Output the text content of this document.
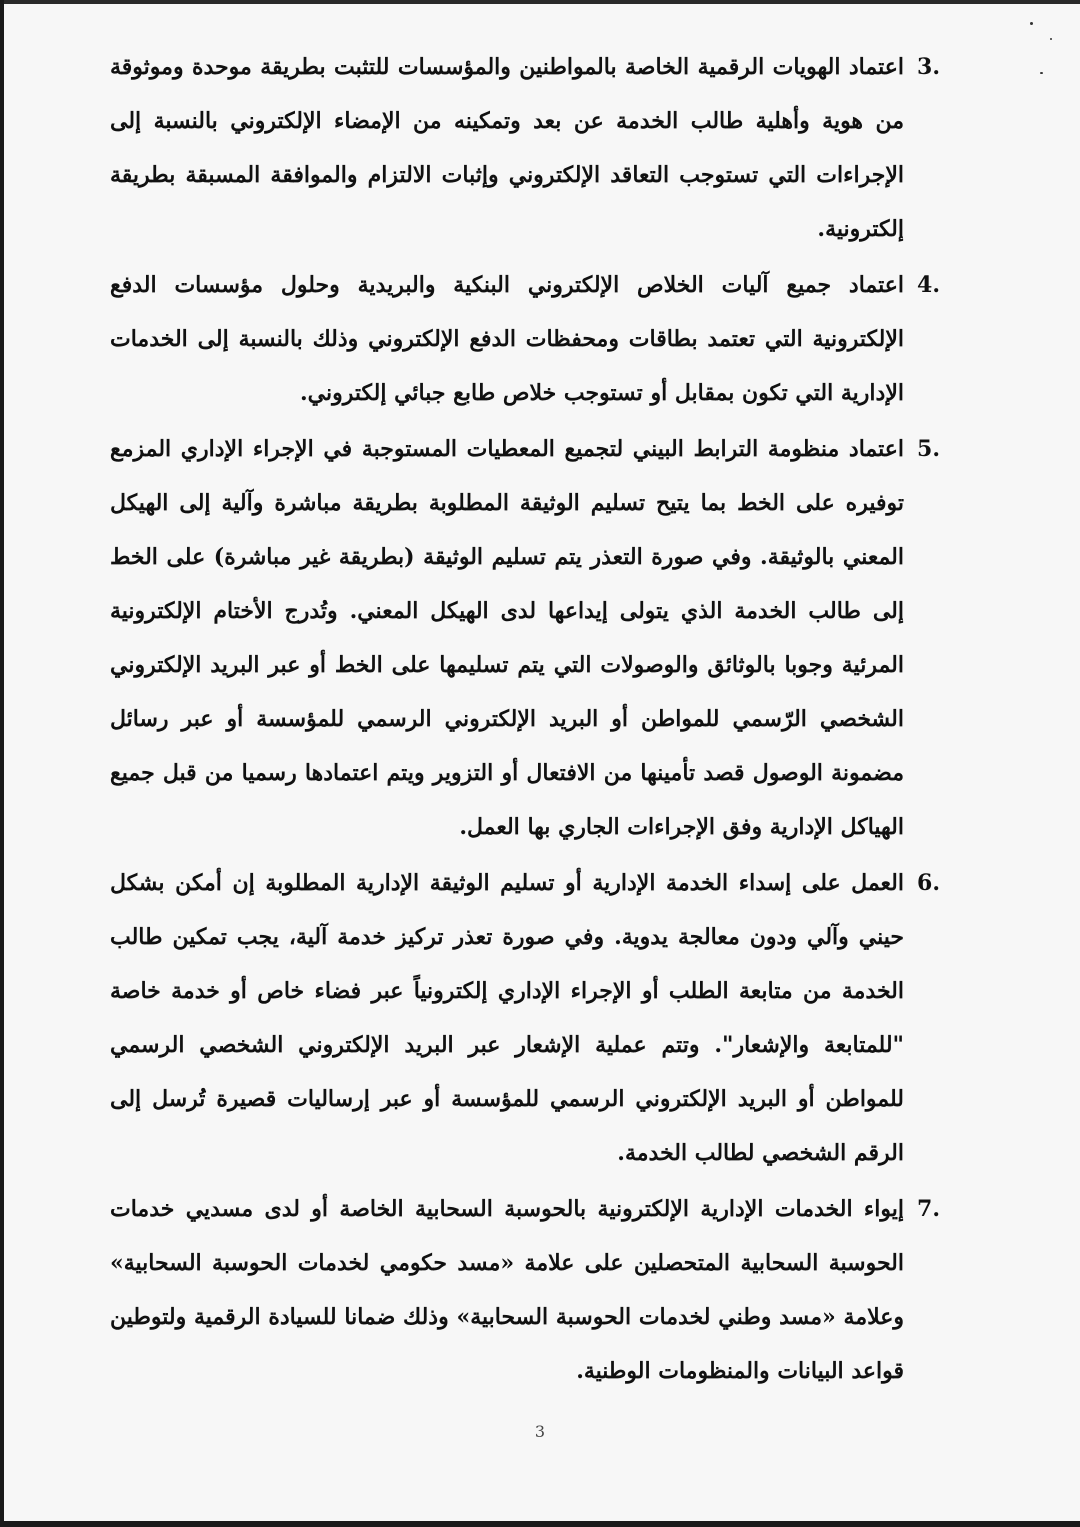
3.
اعتماد الهويات الرقمية الخاصة بالمواطنين والمؤسسات للتثبت بطريقة موحدة وموثوقة من هوية وأهلية طالب الخدمة عن بعد وتمكينه من الإمضاء الإلكتروني بالنسبة إلى الإجراءات التي تستوجب التعاقد الإلكتروني وإثبات الالتزام والموافقة المسبقة بطريقة إلكترونية.
4.
اعتماد جميع آليات الخلاص الإلكتروني البنكية والبريدية وحلول مؤسسات الدفع الإلكترونية التي تعتمد بطاقات ومحفظات الدفع الإلكتروني وذلك بالنسبة إلى الخدمات الإدارية التي تكون بمقابل أو تستوجب خلاص طابع جبائي إلكتروني.
5.
اعتماد منظومة الترابط البيني لتجميع المعطيات المستوجبة في الإجراء الإداري المزمع توفيره على الخط بما يتيح تسليم الوثيقة المطلوبة بطريقة مباشرة وآلية إلى الهيكل المعني بالوثيقة. وفي صورة التعذر يتم تسليم الوثيقة (بطريقة غير مباشرة) على الخط إلى طالب الخدمة الذي يتولى إيداعها لدى الهيكل المعني. وتُدرج الأختام الإلكترونية المرئية وجوبا بالوثائق والوصولات التي يتم تسليمها على الخط أو عبر البريد الإلكتروني الشخصي الرّسمي للمواطن أو البريد الإلكتروني الرسمي للمؤسسة أو عبر رسائل مضمونة الوصول قصد تأمينها من الافتعال أو التزوير ويتم اعتمادها رسميا من قبل جميع الهياكل الإدارية وفق الإجراءات الجاري بها العمل.
6.
العمل على إسداء الخدمة الإدارية أو تسليم الوثيقة الإدارية المطلوبة إن أمكن بشكل حيني وآلي ودون معالجة يدوية. وفي صورة تعذر تركيز خدمة آلية، يجب تمكين طالب الخدمة من متابعة الطلب أو الإجراء الإداري إلكترونياً عبر فضاء خاص أو خدمة خاصة "للمتابعة والإشعار". وتتم عملية الإشعار عبر البريد الإلكتروني الشخصي الرسمي للمواطن أو البريد الإلكتروني الرسمي للمؤسسة أو عبر إرساليات قصيرة تُرسل إلى الرقم الشخصي لطالب الخدمة.
7.
إيواء الخدمات الإدارية الإلكترونية بالحوسبة السحابية الخاصة أو لدى مسديي خدمات الحوسبة السحابية المتحصلين على علامة «مسد حكومي لخدمات الحوسبة السحابية» وعلامة «مسد وطني لخدمات الحوسبة السحابية» وذلك ضمانا للسيادة الرقمية ولتوطين قواعد البيانات والمنظومات الوطنية.
3
